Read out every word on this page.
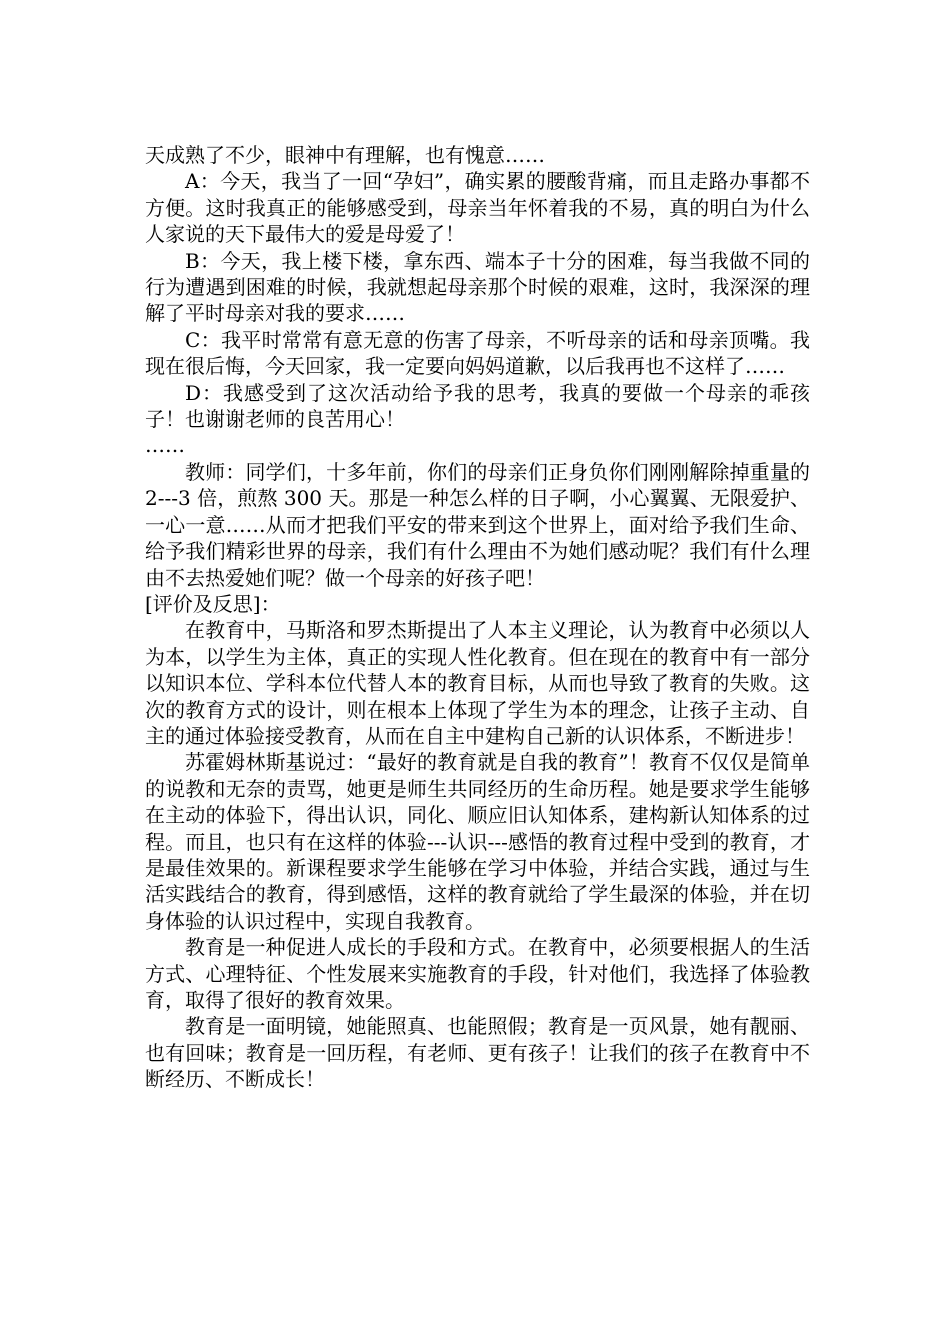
天成熟了不少，眼神中有理解，也有愧意……

A：今天，我当了一回“孕妇”，确实累的腰酸背痛，而且走路办事都不方便。这时我真正的能够感受到，母亲当年怀着我的不易，真的明白为什么人家说的天下最伟大的爱是母爱了！

B：今天，我上楼下楼，拿东西、端本子十分的困难，每当我做不同的行为遭遇到困难的时候，我就想起母亲那个时候的艰难，这时，我深深的理解了平时母亲对我的要求……

C：我平时常常有意无意的伤害了母亲，不听母亲的话和母亲顶嘴。我现在很后悔，今天回家，我一定要向妈妈道歉，以后我再也不这样了……

D：我感受到了这次活动给予我的思考，我真的要做一个母亲的乖孩子！也谢谢老师的良苦用心！

……

教师：同学们，十多年前，你们的母亲们正身负你们刚刚解除掉重量的 2---3 倍，煎熬 300 天。那是一种怎么样的日子啊，小心翼翼、无限爱护、一心一意……从而才把我们平安的带来到这个世界上，面对给予我们生命、给予我们精彩世界的母亲，我们有什么理由不为她们感动呢？我们有什么理由不去热爱她们呢？做一个母亲的好孩子吧！

[评价及反思]：

在教育中，马斯洛和罗杰斯提出了人本主义理论，认为教育中必须以人为本，以学生为主体，真正的实现人性化教育。但在现在的教育中有一部分以知识本位、学科本位代替人本的教育目标，从而也导致了教育的失败。这次的教育方式的设计，则在根本上体现了学生为本的理念，让孩子主动、自主的通过体验接受教育，从而在自主中建构自己新的认识体系，不断进步！

苏霍姆林斯基说过：“最好的教育就是自我的教育”！教育不仅仅是简单的说教和无奈的责骂，她更是师生共同经历的生命历程。她是要求学生能够在主动的体验下，得出认识，同化、顺应旧认知体系，建构新认知体系的过程。而且，也只有在这样的体验---认识---感悟的教育过程中受到的教育，才是最佳效果的。新课程要求学生能够在学习中体验，并结合实践，通过与生活实践结合的教育，得到感悟，这样的教育就给了学生最深的体验，并在切身体验的认识过程中，实现自我教育。

教育是一种促进人成长的手段和方式。在教育中，必须要根据人的生活方式、心理特征、个性发展来实施教育的手段，针对他们，我选择了体验教育，取得了很好的教育效果。

教育是一面明镜，她能照真、也能照假；教育是一页风景，她有靓丽、也有回味；教育是一回历程，有老师、更有孩子！让我们的孩子在教育中不断经历、不断成长！
